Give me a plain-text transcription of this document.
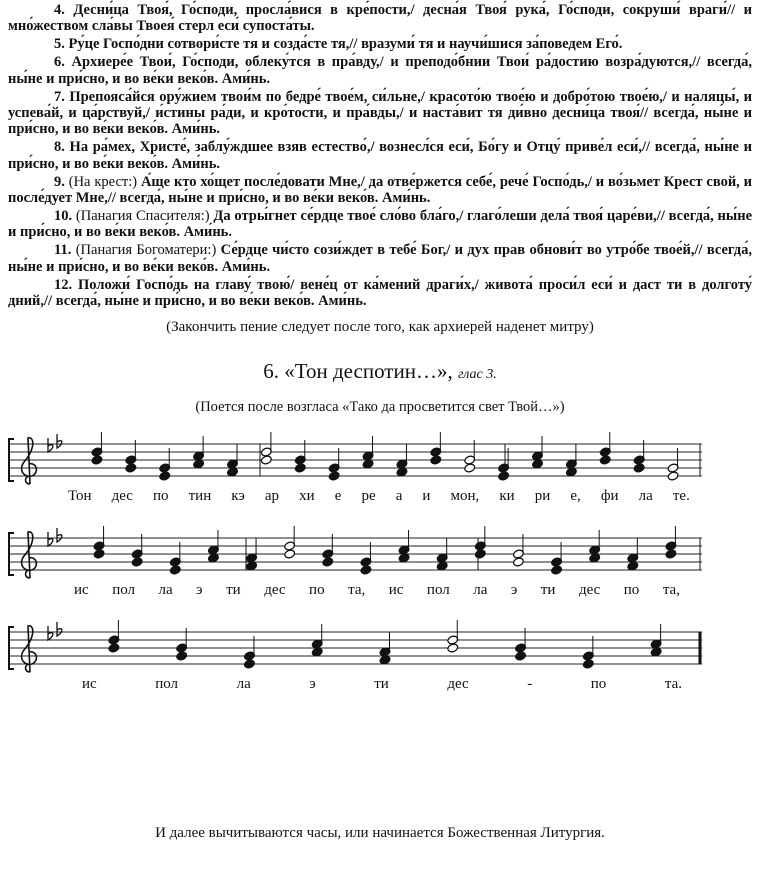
4. Десни́ца Твоя́, Го́споди, просла́вися в кре́пости,/ десна́я Твоя́ рука́, Го́споди, сокруши́ враги́// и мно́жеством сла́вы Твоея́ стерл еси́ супоста́ты.

5. Ру́це Госпо́дни сотвори́сте тя и созда́сте тя,// вразуми́ тя и научи́шися за́поведем Его́.

6. Архиере́е Твои́, Го́споди, облеку́тся в пра́вду,/ и преподо́бнии Твои́ ра́достию возра́дуются,// всегда́, ны́не и при́сно, и во ве́ки веко́в. Ами́нь.

7. Препояса́йся ору́жием твои́м по бедре́ твое́м, си́льне,/ красото́ю твое́ю и добро́тою твое́ю,/ и наляцы́, и успева́й, и ца́рствуй,/ и́стины ра́ди, и кро́тости, и пра́вды,/ и наста́вит тя ди́вно десни́ца твоя́// всегда́, ны́не и при́сно, и во ве́ки веко́в. Ами́нь.

8. На ра́мех, Христе́, заблу́ждшее взяв естество́,/ вознесл́ся еси́, Бо́гу и Отцу́ приве́л еси́,// всегда́, ны́не и при́сно, и во ве́ки веко́в. Ами́нь.

9. (На крест:) А́ще кто хо́щет после́довати Мне,/ да отве́ржется себе́, рече́ Госпо́дь,/ и во́зьмет Крест свой, и после́дует Мне,// всегда́, ны́не и при́сно, и во ве́ки веко́в. Ами́нь.

10. (Панагия Спасителя:) Да отры́гнет се́рдце твое́ сло́во бла́го,/ глаго́леши дела́ твоя́ царе́ви,// всегда́, ны́не и при́сно, и во ве́ки веко́в. Ами́нь.

11. (Панагия Богоматери:) Се́рдце чи́сто сози́ждет в тебе́ Бог,/ и дух прав обнови́т во утро́бе твое́й,// всегда́, ны́не и при́сно, и во ве́ки веко́в. Ами́нь.

12. Положи́ Госпо́дь на главу́ твою́/ вене́ц от ка́мений драги́х,/ живота́ проси́л еси́ и даст ти в долготу́ дний,// всегда́, ны́не и при́сно, и во ве́ки веко́в. Ами́нь.

(Закончить пение следует после того, как архиерей наденет митру)
6. «Тон деспотин…», глас 3.
(Поется после возгласа «Тако да просветится свет Твой…»)
Тон дес по тин кэ ар хи е ре а и мон, ки ри е, фи ла те.
ис пол ла э ти дес по та, ис пол ла э ти дес по та,
ис	пол	ла	э	ти	дес	-	по	та.
И далее вычитываются часы, или начинается Божественная Литургия.
